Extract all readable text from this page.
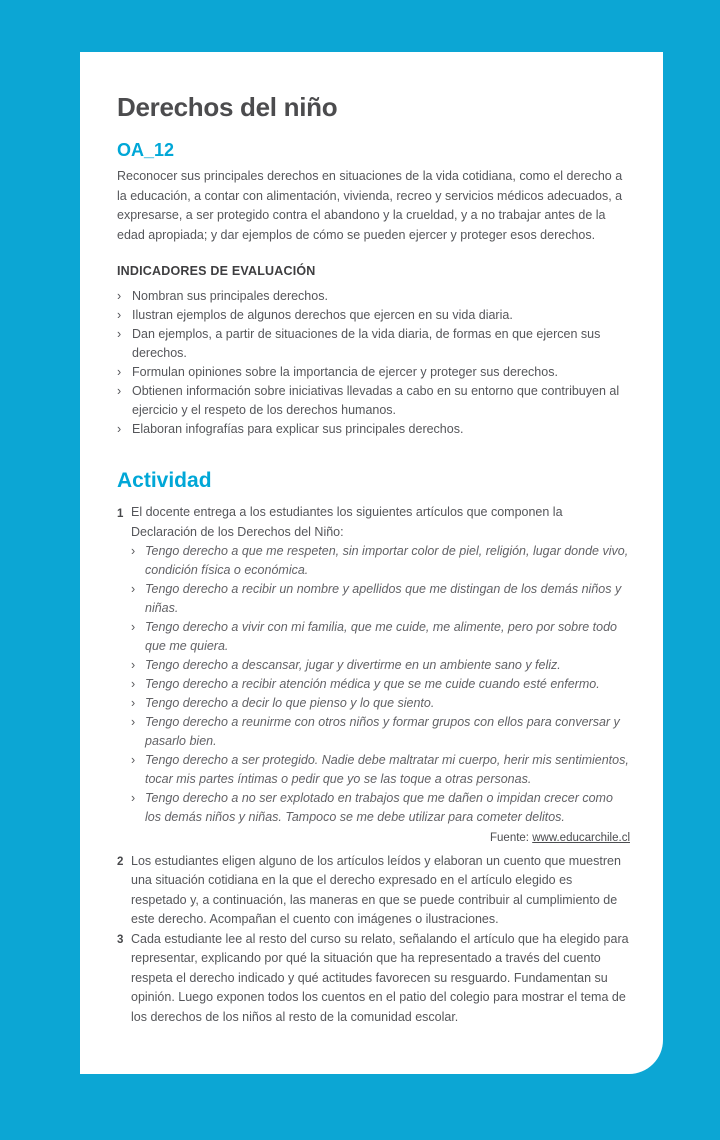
Derechos del niño
OA_12

Reconocer sus principales derechos en situaciones de la vida cotidiana, como el derecho a la educación, a contar con alimentación, vivienda, recreo y servicios médicos adecuados, a expresarse, a ser protegido contra el abandono y la crueldad, y a no trabajar antes de la edad apropiada; y dar ejemplos de cómo se pueden ejercer y proteger esos derechos.

INDICADORES DE EVALUACIÓN
› Nombran sus principales derechos.
› Ilustran ejemplos de algunos derechos que ejercen en su vida diaria.
› Dan ejemplos, a partir de situaciones de la vida diaria, de formas en que ejercen sus derechos.
› Formulan opiniones sobre la importancia de ejercer y proteger sus derechos.
› Obtienen información sobre iniciativas llevadas a cabo en su entorno que contribuyen al ejercicio y el respeto de los derechos humanos.
› Elaboran infografías para explicar sus principales derechos.
Actividad
1 El docente entrega a los estudiantes los siguientes artículos que componen la Declaración de los Derechos del Niño:

› Tengo derecho a que me respeten, sin importar color de piel, religión, lugar donde vivo, condición física o económica.
› Tengo derecho a recibir un nombre y apellidos que me distingan de los demás niños y niñas.
› Tengo derecho a vivir con mi familia, que me cuide, me alimente, pero por sobre todo que me quiera.
› Tengo derecho a descansar, jugar y divertirme en un ambiente sano y feliz.
› Tengo derecho a recibir atención médica y que se me cuide cuando esté enfermo.
› Tengo derecho a decir lo que pienso y lo que siento.
› Tengo derecho a reunirme con otros niños y formar grupos con ellos para conversar y pasarlo bien.
› Tengo derecho a ser protegido. Nadie debe maltratar mi cuerpo, herir mis sentimientos, tocar mis partes íntimas o pedir que yo se las toque a otras personas.
› Tengo derecho a no ser explotado en trabajos que me dañen o impidan crecer como los demás niños y niñas. Tampoco se me debe utilizar para cometer delitos.
Fuente: www.educarchile.cl
2 Los estudiantes eligen alguno de los artículos leídos y elaboran un cuento que muestren una situación cotidiana en la que el derecho expresado en el artículo elegido es respetado y, a continuación, las maneras en que se puede contribuir al cumplimiento de este derecho. Acompañan el cuento con imágenes o ilustraciones.

3 Cada estudiante lee al resto del curso su relato, señalando el artículo que ha elegido para representar, explicando por qué la situación que ha representado a través del cuento respeta el derecho indicado y qué actitudes favorecen su resguardo. Fundamentan su opinión. Luego exponen todos los cuentos en el patio del colegio para mostrar el tema de los derechos de los niños al resto de la comunidad escolar.
